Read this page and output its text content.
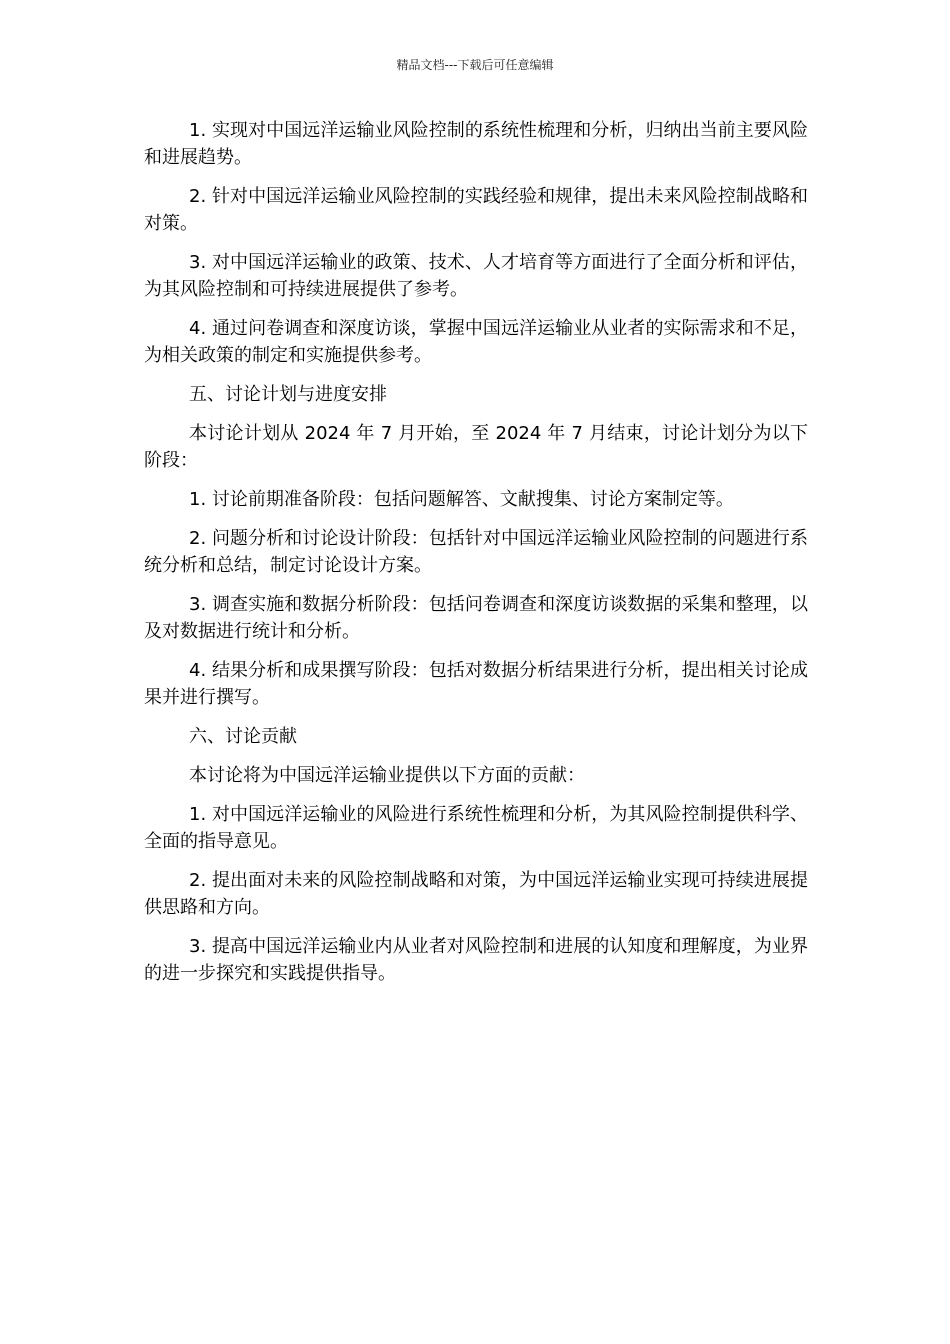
精品文档---下载后可任意编辑

1. 实现对中国远洋运输业风险控制的系统性梳理和分析，归纳出当前主要风险和进展趋势。

2. 针对中国远洋运输业风险控制的实践经验和规律，提出未来风险控制战略和对策。

3. 对中国远洋运输业的政策、技术、人才培育等方面进行了全面分析和评估，为其风险控制和可持续进展提供了参考。

4. 通过问卷调查和深度访谈，掌握中国远洋运输业从业者的实际需求和不足，为相关政策的制定和实施提供参考。

五、讨论计划与进度安排

本讨论计划从 2024 年 7 月开始，至 2024 年 7 月结束，讨论计划分为以下阶段：

1. 讨论前期准备阶段：包括问题解答、文献搜集、讨论方案制定等。

2. 问题分析和讨论设计阶段：包括针对中国远洋运输业风险控制的问题进行系统分析和总结，制定讨论设计方案。

3. 调查实施和数据分析阶段：包括问卷调查和深度访谈数据的采集和整理，以及对数据进行统计和分析。

4. 结果分析和成果撰写阶段：包括对数据分析结果进行分析，提出相关讨论成果并进行撰写。

六、讨论贡献

本讨论将为中国远洋运输业提供以下方面的贡献：

1. 对中国远洋运输业的风险进行系统性梳理和分析，为其风险控制提供科学、全面的指导意见。

2. 提出面对未来的风险控制战略和对策，为中国远洋运输业实现可持续进展提供思路和方向。

3. 提高中国远洋运输业内从业者对风险控制和进展的认知度和理解度，为业界的进一步探究和实践提供指导。
